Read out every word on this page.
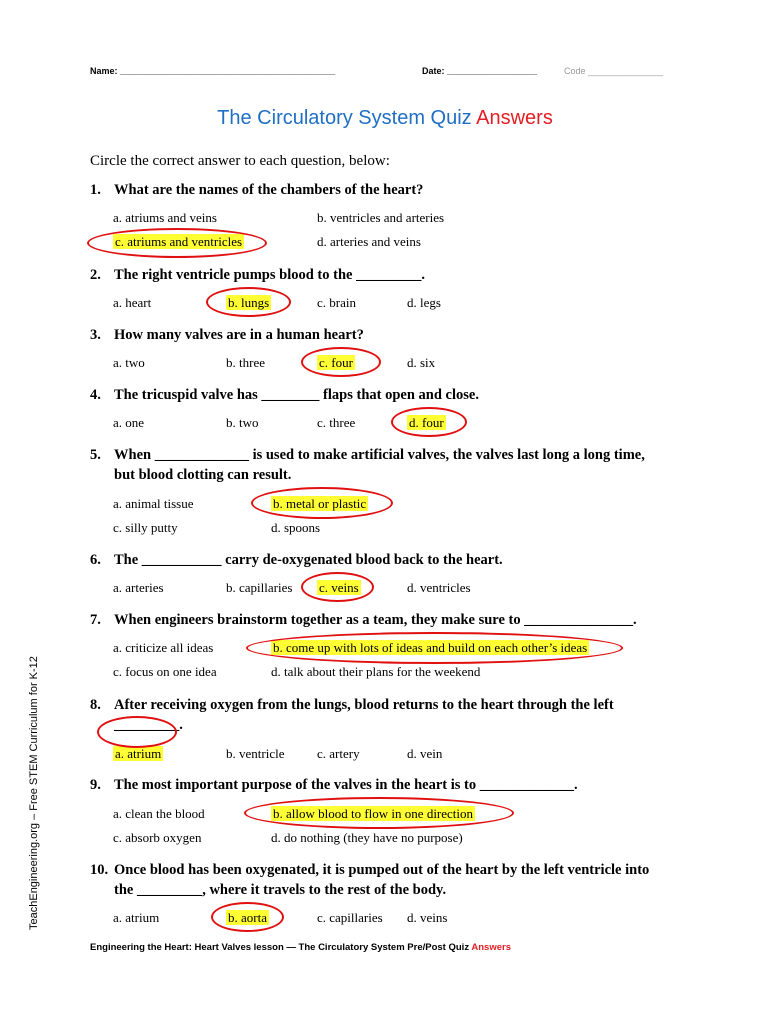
Name: ___________________________________________	Date: __________________	Code _______________
The Circulatory System Quiz Answers
Circle the correct answer to each question, below:
1. What are the names of the chambers of the heart?
a. atriums and veins	b. ventricles and arteries
c. atriums and ventricles	d. arteries and veins
2. The right ventricle pumps blood to the _________.
a. heart	b. lungs	c. brain	d. legs
3. How many valves are in a human heart?
a. two	b. three	c. four	d. six
4. The tricuspid valve has ________ flaps that open and close.
a. one	b. two	c. three	d. four
5. When _____________ is used to make artificial valves, the valves last long a long time,
but blood clotting can result.
a. animal tissue	b. metal or plastic
c. silly putty	d. spoons
6. The ___________ carry de-oxygenated blood back to the heart.
a. arteries	b. capillaries c. veins	d. ventricles
7. When engineers brainstorm together as a team, they make sure to _______________.
a. criticize all ideas	b. come up with lots of ideas and build on each other’s ideas
c. focus on one idea	d. talk about their plans for the weekend
8. After receiving oxygen from the lungs, blood returns to the heart through the left
_________.
a. atrium	b. ventricle	c. artery	d. vein
9. The most important purpose of the valves in the heart is to _____________.
a. clean the blood	b. allow blood to flow in one direction
c. absorb oxygen	d. do nothing (they have no purpose)
10. Once blood has been oxygenated, it is pumped out of the heart by the left ventricle into
the _________, where it travels to the rest of the body.
a. atrium	b. aorta	c. capillaries d. veins
TeachEngineering.org – Free STEM Curriculum for K-12
Engineering the Heart: Heart Valves lesson — The Circulatory System Pre/Post Quiz Answers
